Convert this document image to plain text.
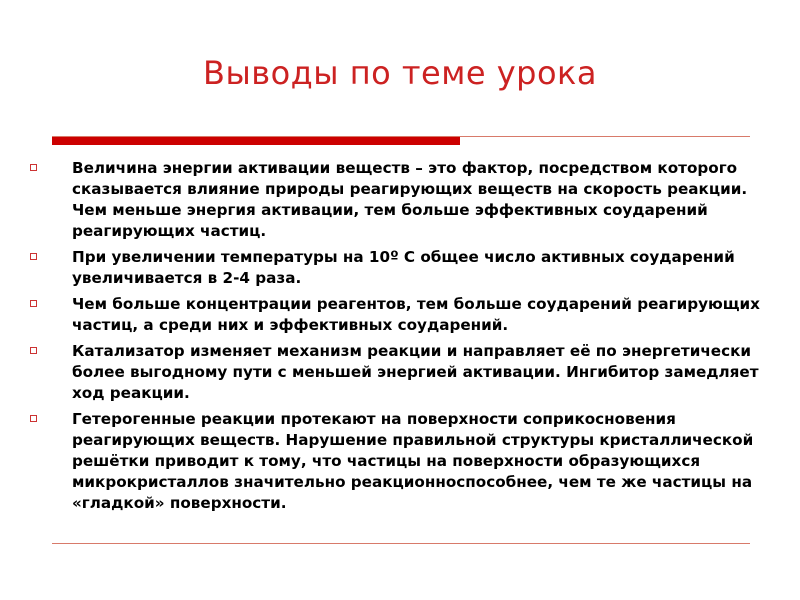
Выводы по теме урока
Величина энергии активации веществ – это фактор, посредством которого сказывается влияние природы реагирующих веществ на скорость реакции. Чем меньше энергия активации, тем больше эффективных соударений реагирующих частиц.
При увеличении температуры на 10º С общее число активных соударений увеличивается в 2-4 раза.
Чем больше концентрации реагентов, тем больше соударений реагирующих частиц, а среди них и эффективных соударений.
Катализатор изменяет механизм реакции и направляет её по энергетически более выгодному пути с меньшей энергией активации. Ингибитор замедляет ход реакции.
Гетерогенные реакции протекают на поверхности соприкосновения реагирующих веществ. Нарушение правильной структуры кристаллической решётки приводит к тому, что частицы на поверхности образующихся микрокристаллов значительно реакционноспособнее, чем те же частицы на «гладкой» поверхности.
